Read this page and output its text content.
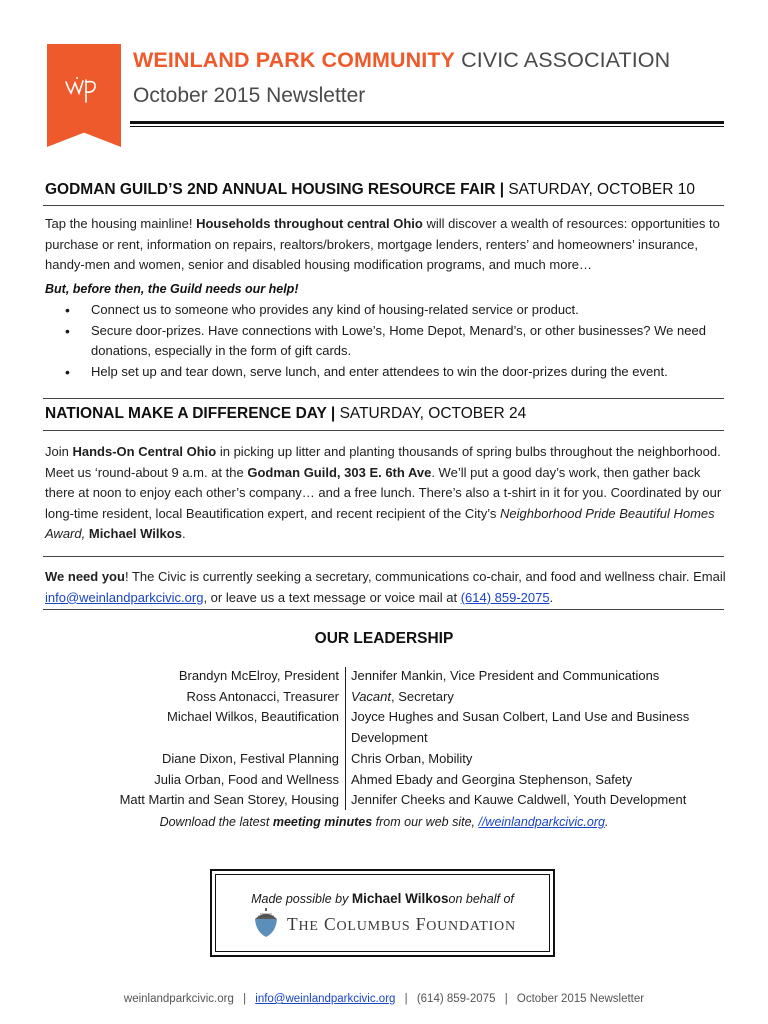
WEINLAND PARK COMMUNITY CIVIC ASSOCIATION
October 2015 Newsletter
GODMAN GUILD’S 2ND ANNUAL HOUSING RESOURCE FAIR | SATURDAY, OCTOBER 10

Tap the housing mainline! Households throughout central Ohio will discover a wealth of resources: opportunities to purchase or rent, information on repairs, realtors/brokers, mortgage lenders, renters’ and homeowners’ insurance, handy-men and women, senior and disabled housing modification programs, and much more…

But, before then, the Guild needs our help!
• Connect us to someone who provides any kind of housing-related service or product.
• Secure door-prizes. Have connections with Lowe’s, Home Depot, Menard’s, or other businesses? We need donations, especially in the form of gift cards.
• Help set up and tear down, serve lunch, and enter attendees to win the door-prizes during the event.
NATIONAL MAKE A DIFFERENCE DAY | SATURDAY, OCTOBER 24

Join Hands-On Central Ohio in picking up litter and planting thousands of spring bulbs throughout the neighborhood. Meet us ‘round-about 9 a.m. at the Godman Guild, 303 E. 6th Ave. We’ll put a good day’s work, then gather back there at noon to enjoy each other’s company… and a free lunch. There’s also a t-shirt in it for you. Coordinated by our long-time resident, local Beautification expert, and recent recipient of the City’s Neighborhood Pride Beautiful Homes Award, Michael Wilkos.

We need you! The Civic is currently seeking a secretary, communications co-chair, and food and wellness chair. Email info@weinlandparkcivic.org, or leave us a text message or voice mail at (614) 859-2075.

OUR LEADERSHIP
Brandyn McElroy, President
Ross Antonacci, Treasurer
Michael Wilkos, Beautification

Diane Dixon, Festival Planning
Julia Orban, Food and Wellness
Matt Martin and Sean Storey, Housing
Jennifer Mankin, Vice President and Communications
Vacant, Secretary
Joyce Hughes and Susan Colbert, Land Use and Business
Development
Chris Orban, Mobility
Ahmed Ebady and Georgina Stephenson, Safety
Jennifer Cheeks and Kauwe Caldwell, Youth Development
Download the latest meeting minutes from our web site, //weinlandparkcivic.org.
Made possible by Michael Wilkoson behalf of
THE COLUMBUS FOUNDATION
weinlandparkcivic.org | info@weinlandparkcivic.org | (614) 859-2075 | October 2015 Newsletter
